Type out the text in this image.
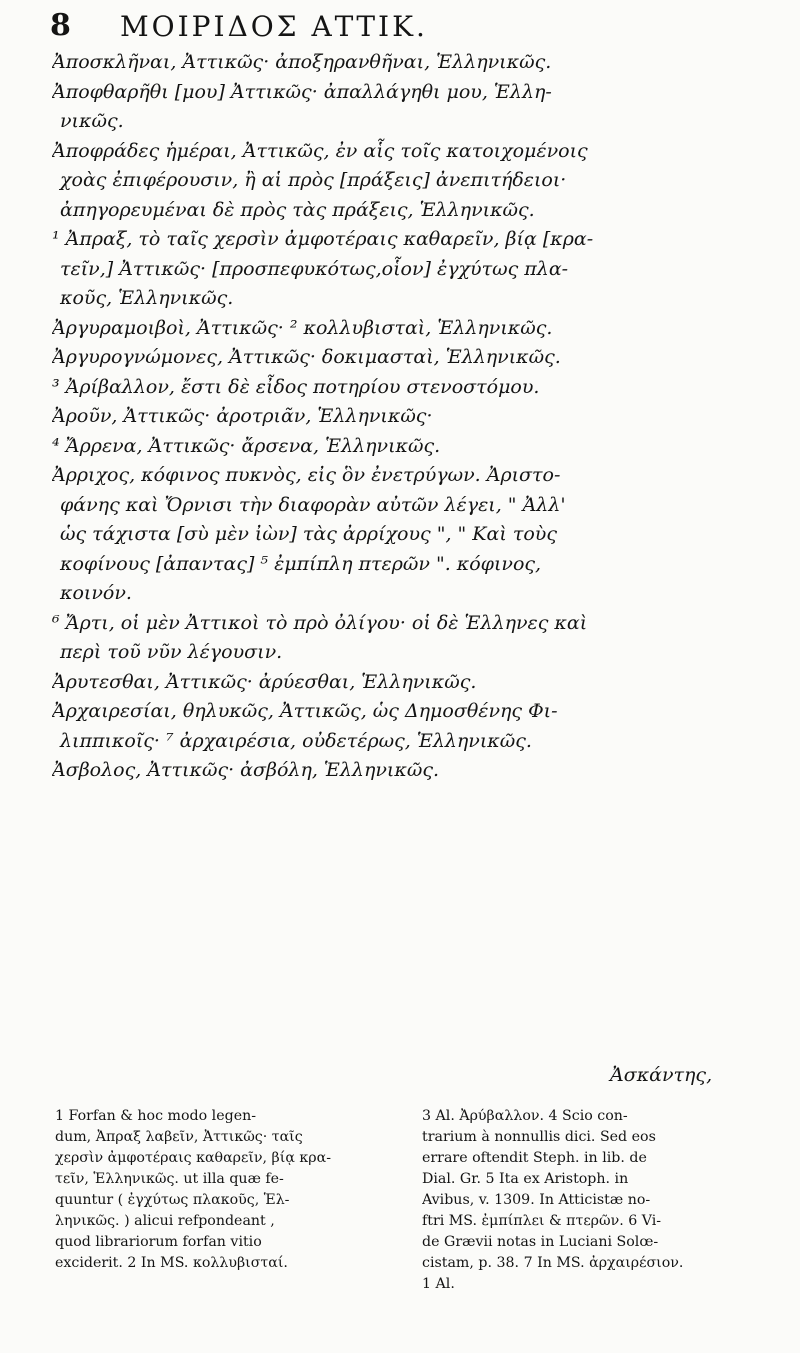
8 ΜΟΙΡΙΔΟΣ ΑΤΤΙΚ.
Ἀποσκλῆναι, Ἀττικῶς· ἀποξηρανθῆναι, Ἑλληνικῶς.
Ἀποφθαρῆθι [μου] Ἀττικῶς· ἀπαλλάγηθι μου, Ἑλλη-
νικῶς.
Ἀποφράδες ἡμέραι, Ἀττικῶς, ἐν αἷς τοῖς κατοιχομένοις
χοὰς ἐπιφέρουσιν, ἢ αἱ πρὸς [πράξεις] ἀνεπιτήδειοι·
ἀπηγορευμέναι δὲ πρὸς τὰς πράξεις, Ἑλληνικῶς.
¹ Ἀπραξ, τὸ ταῖς χερσὶν ἀμφοτέραις καθαρεῖν, βίᾳ [κρα-
τεῖν,] Ἀττικῶς· [προσπεφυκότως,οἷον] ἐγχύτως πλα-
κοῦς, Ἑλληνικῶς.
Ἀργυραμοιβοὶ, Ἀττικῶς· ² κολλυβισταὶ, Ἑλληνικῶς.
Ἀργυρογνώμονες, Ἀττικῶς· δοκιμασταὶ, Ἑλληνικῶς.
³ Ἀρίβαλλον, ἔστι δὲ εἶδος ποτηρίου στενοστόμου.
Ἀροῦν, Ἀττικῶς· ἀροτριᾶν, Ἑλληνικῶς·
⁴ Ἄρρενα, Ἀττικῶς· ἄρσενα, Ἑλληνικῶς.
Ἀρριχος, κόφινος πυκνὸς, εἰς ὃν ἐνετρύγων. Ἀριστο-
φάνης καὶ Ὄρνισι τὴν διαφορὰν αὐτῶν λέγει, " Ἀλλ'
ὡς τάχιστα [σὺ μὲν ἰὼν] τὰς ἀρρίχους ", " Καὶ τοὺς
κοφίνους [ἀπαντας] ⁵ ἐμπίπλη πτερῶν ". κόφινος,
κοινόν.
⁶ Ἄρτι, οἱ μὲν Ἀττικοὶ τὸ πρὸ ὀλίγου· οἱ δὲ Ἑλληνες καὶ
περὶ τοῦ νῦν λέγουσιν.
Ἀρυτεσθαι, Ἀττικῶς· ἀρύεσθαι, Ἑλληνικῶς.
Ἀρχαιρεσίαι, θηλυκῶς, Ἀττικῶς, ὡς Δημοσθένης Φι-
λιππικοῖς· ⁷ ἀρχαιρέσια, οὐδετέρως, Ἑλληνικῶς.
Ἀσβολος, Ἀττικῶς· ἀσβόλη, Ἑλληνικῶς.
Ἀσκάντης,
1 Forfan & hoc modo legen-
dum, Ἀπραξ λαβεῖν, Ἀττικῶς· ταῖς
χερσὶν ἀμφοτέραις καθαρεῖν, βίᾳ κρα-
τεῖν, Ἑλληνικῶς. ut illa quæ fe-
quuntur ( ἐγχύτως πλακοῦς, Ἑλ-
ληνικῶς. ) alicui refpondeant ,
quod librariorum forfan vitio
exciderit. 2 In MS. κολλυβισταί.
3 Al. Ἀρύβαλλον. 4 Scio con-
trarium à nonnullis dici. Sed eos
errare oftendit Steph. in lib. de
Dial. Gr. 5 Ita ex Aristoph. in
Avibus, v. 1309. In Atticistæ no-
ftri MS. ἐμπίπλει & πτερῶν. 6 Vi-
de Grævii notas in Luciani Solœ-
cistam, p. 38. 7 In MS. ἀρχαιρέσιον.
1 Al.
